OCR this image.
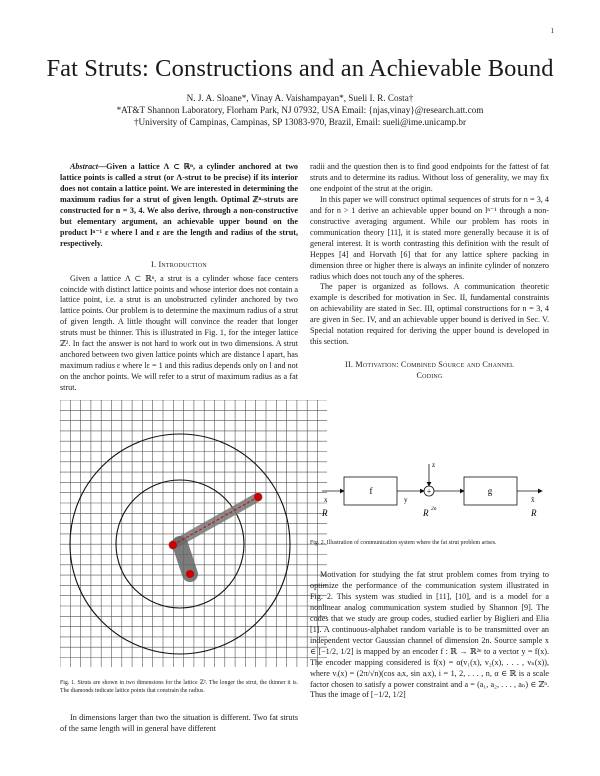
1
Fat Struts: Constructions and an Achievable Bound
N. J. A. Sloane*, Vinay A. Vaishampayan*, Sueli I. R. Costa†
*AT&T Shannon Laboratory, Florham Park, NJ 07932, USA Email: {njas,vinay}@research.att.com
†University of Campinas, Campinas, SP 13083-970, Brazil, Email: sueli@ime.unicamp.br

Abstract—Given a lattice Λ ⊂ ℝⁿ, a cylinder anchored at two lattice points is called a strut (or Λ-strut to be precise) if its interior does not contain a lattice point. We are interested in determining the maximum radius for a strut of given length. Optimal ℤⁿ-struts are constructed for n = 3, 4. We also derive, through a non-constructive but elementary argument, an achievable upper bound on the product lⁿ⁻¹ ε where l and ε are the length and radius of the strut, respectively.

I. Introduction

Given a lattice Λ ⊂ ℝⁿ, a strut is a cylinder whose face centers coincide with distinct lattice points and whose interior does not contain a lattice point, i.e. a strut is an unobstructed cylinder anchored by two lattice points. Our problem is to determine the maximum radius of a strut of given length. A little thought will convince the reader that longer struts must be thinner. This is illustrated in Fig. 1, for the integer lattice ℤ². In fact the answer is not hard to work out in two dimensions. A strut anchored between two given lattice points which are distance l apart, has maximum radius ε where lε = 1 and this radius depends only on l and not on the anchor points. We will refer to a strut of maximum radius as a fat strut.

Fig. 1. Struts are shown in two dimensions for the lattice ℤ². The longer the strut, the thinner it is. The diamonds indicate lattice points that constrain the radius.

In dimensions larger than two the situation is different. Two fat struts of the same length will in general have different

radii and the question then is to find good endpoints for the fattest of fat struts and to determine its radius. Without loss of generality, we may fix one endpoint of the strut at the origin.

In this paper we will construct optimal sequences of struts for n = 3, 4 and for n > 1 derive an achievable upper bound on lⁿ⁻¹ through a non-constructive averaging argument. While our problem has roots in communication theory [11], it is stated more generally because it is of general interest. It is worth contrasting this definition with the result of Heppes [4] and Horvath [6] that for any lattice sphere packing in dimension three or higher there is always an infinite cylinder of nonzero radius which does not touch any of the spheres.

The paper is organized as follows. A communication theoretic example is described for motivation in Sec. II, fundamental constraints on achievability are stated in Sec. III, optimal constructions for n = 3, 4 are given in Sec. IV, and an achievable upper bound is derived in Sec. V. Special notation required for deriving the upper bound is developed in this section.

II. Motivation: Combined Source and Channel
Coding
f	+
z
g
x	y	x̂
R	R 2n	R
Fig. 2. Illustration of communication system where the fat strut problem arises.

Motivation for studying the fat strut problem comes from trying to optimize the performance of the communication system illustrated in Fig. 2. This system was studied in [11], [10], and is a model for a nonlinear analog communication system studied by Shannon [9]. The codes that we study are group codes, studied earlier by Biglieri and Elia [1]. A continuous-alphabet random variable is to be transmitted over an independent vector Gaussian channel of dimension 2n. Source sample x ∈ [−1/2, 1/2] is mapped by an encoder f : ℝ → ℝ²ⁿ to a vector y = f(x). The encoder mapping considered is f(x) = α(v₁(x), v₂(x), . . . , vₙ(x)), where vᵢ(x) = (2π/√n)(cos aᵢx, sin aᵢx), i = 1, 2, . . . , n, α ∈ ℝ is a scale factor chosen to satisfy a power constraint and a = (a₁, a₂, . . . , aₙ) ∈ ℤⁿ. Thus the image of [−1/2, 1/2]
